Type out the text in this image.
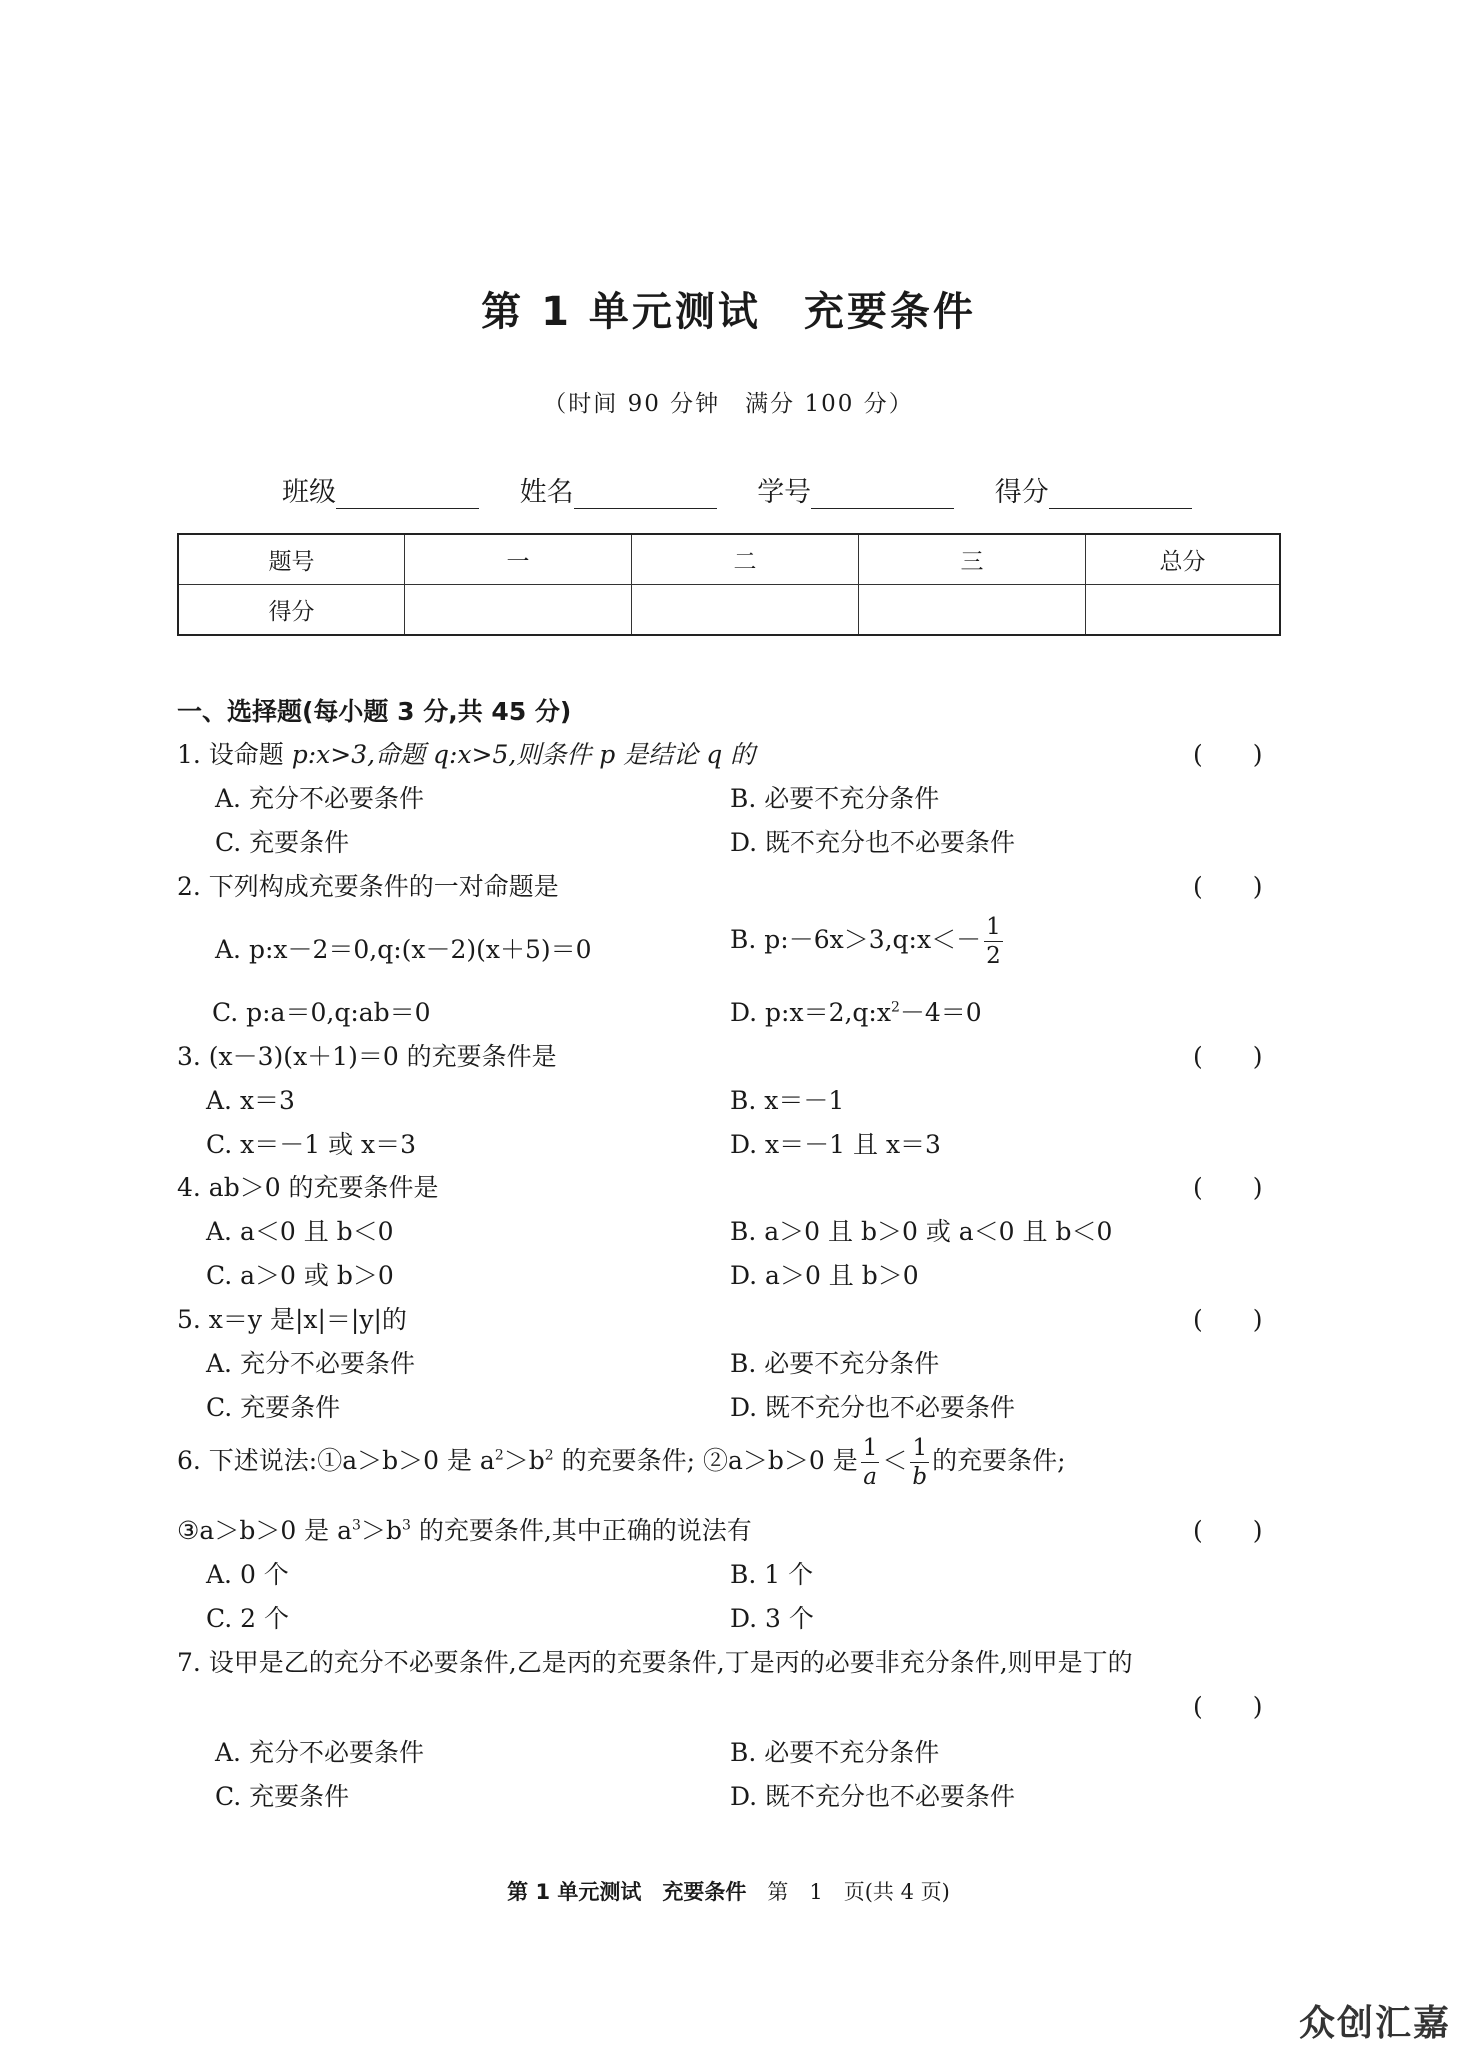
第 1 单元测试　充要条件
（时间 90 分钟　满分 100 分）
班级	姓名	学号	得分
题号	一	二	三	总分
得分				
一、选择题(每小题 3 分,共 45 分)
1. 设命题 p:x>3,命题 q:x>5,则条件 p 是结论 q 的	(　　)
A. 充分不必要条件	B. 必要不充分条件
C. 充要条件	D. 既不充分也不必要条件
2. 下列构成充要条件的一对命题是	(　　)
A. p:x－2＝0,q:(x－2)(x＋5)＝0	B. p:－6x＞3,q:x＜－ $\frac{1}{2}$
C. p:a＝0,q:ab＝0	D. $p:x=2,q:x^2-4=0$
3. (x－3)(x＋1)＝0 的充要条件是	(　　)
A. x＝3	B. x＝－1
C. x＝－1 或 x＝3	D. x＝－1 且 x＝3
4. ab＞0 的充要条件是	(　　)
A. a＜0 且 b＜0	B. a＞0 且 b＞0 或 a＜0 且 b＜0
C. a＞0 或 b＞0	D. a＞0 且 b＞0
5. x＝y 是|x|＝|y|的	(　　)
A. 充分不必要条件	B. 必要不充分条件
C. 充要条件	D. 既不充分也不必要条件
6. 下述说法:①a＞b＞0 是 $a^2>b^2$ 的充要条件; ②a＞b＞0 是 $\frac{1}{a} < \frac{1}{b}$ 的充要条件;
③a＞b＞0 是 $a^3>b^3$ 的充要条件,其中正确的说法有	(　　)
A. 0 个	B. 1 个
C. 2 个	D. 3 个
7. 设甲是乙的充分不必要条件,乙是丙的充要条件,丁是丙的必要非充分条件,则甲是丁的
(　　)
A. 充分不必要条件	B. 必要不充分条件
C. 充要条件	D. 既不充分也不必要条件
第 1 单元测试　充要条件　 第　1　页(共 4 页)
众创汇嘉
